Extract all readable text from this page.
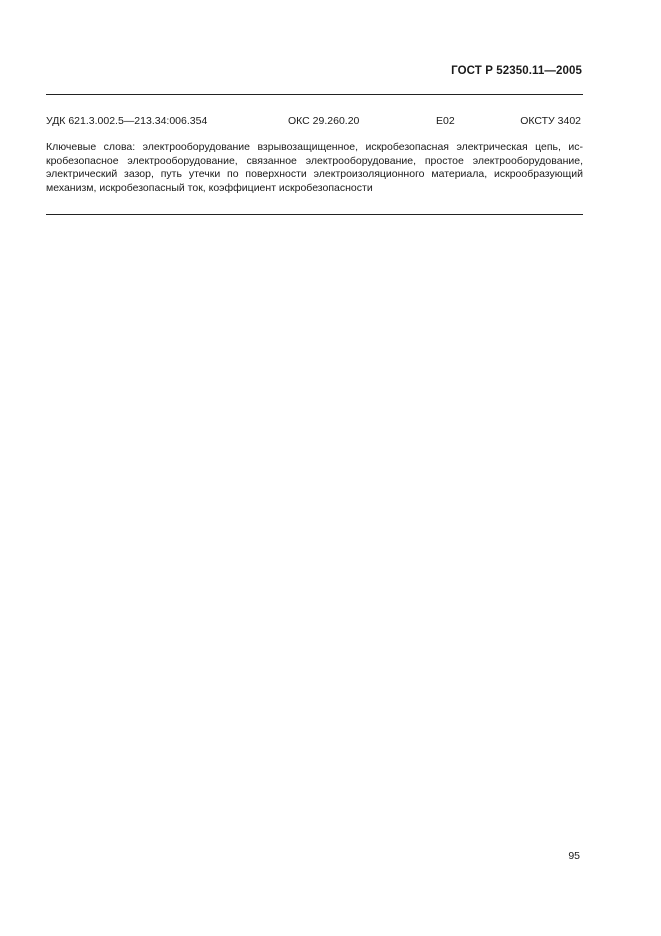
ГОСТ Р 52350.11—2005
УДК 621.3.002.5—213.34:006.354	ОКС 29.260.20	Е02	ОКСТУ 3402
Ключевые слова: электрооборудование взрывозащищенное, искробезопасная электрическая цепь, ис-
кробезопасное электрооборудование, связанное электрооборудование, простое электрооборудование,
электрический зазор, путь утечки по поверхности электроизоляционного материала, искрообразующий
механизм, искробезопасный ток, коэффициент искробезопасности
95
